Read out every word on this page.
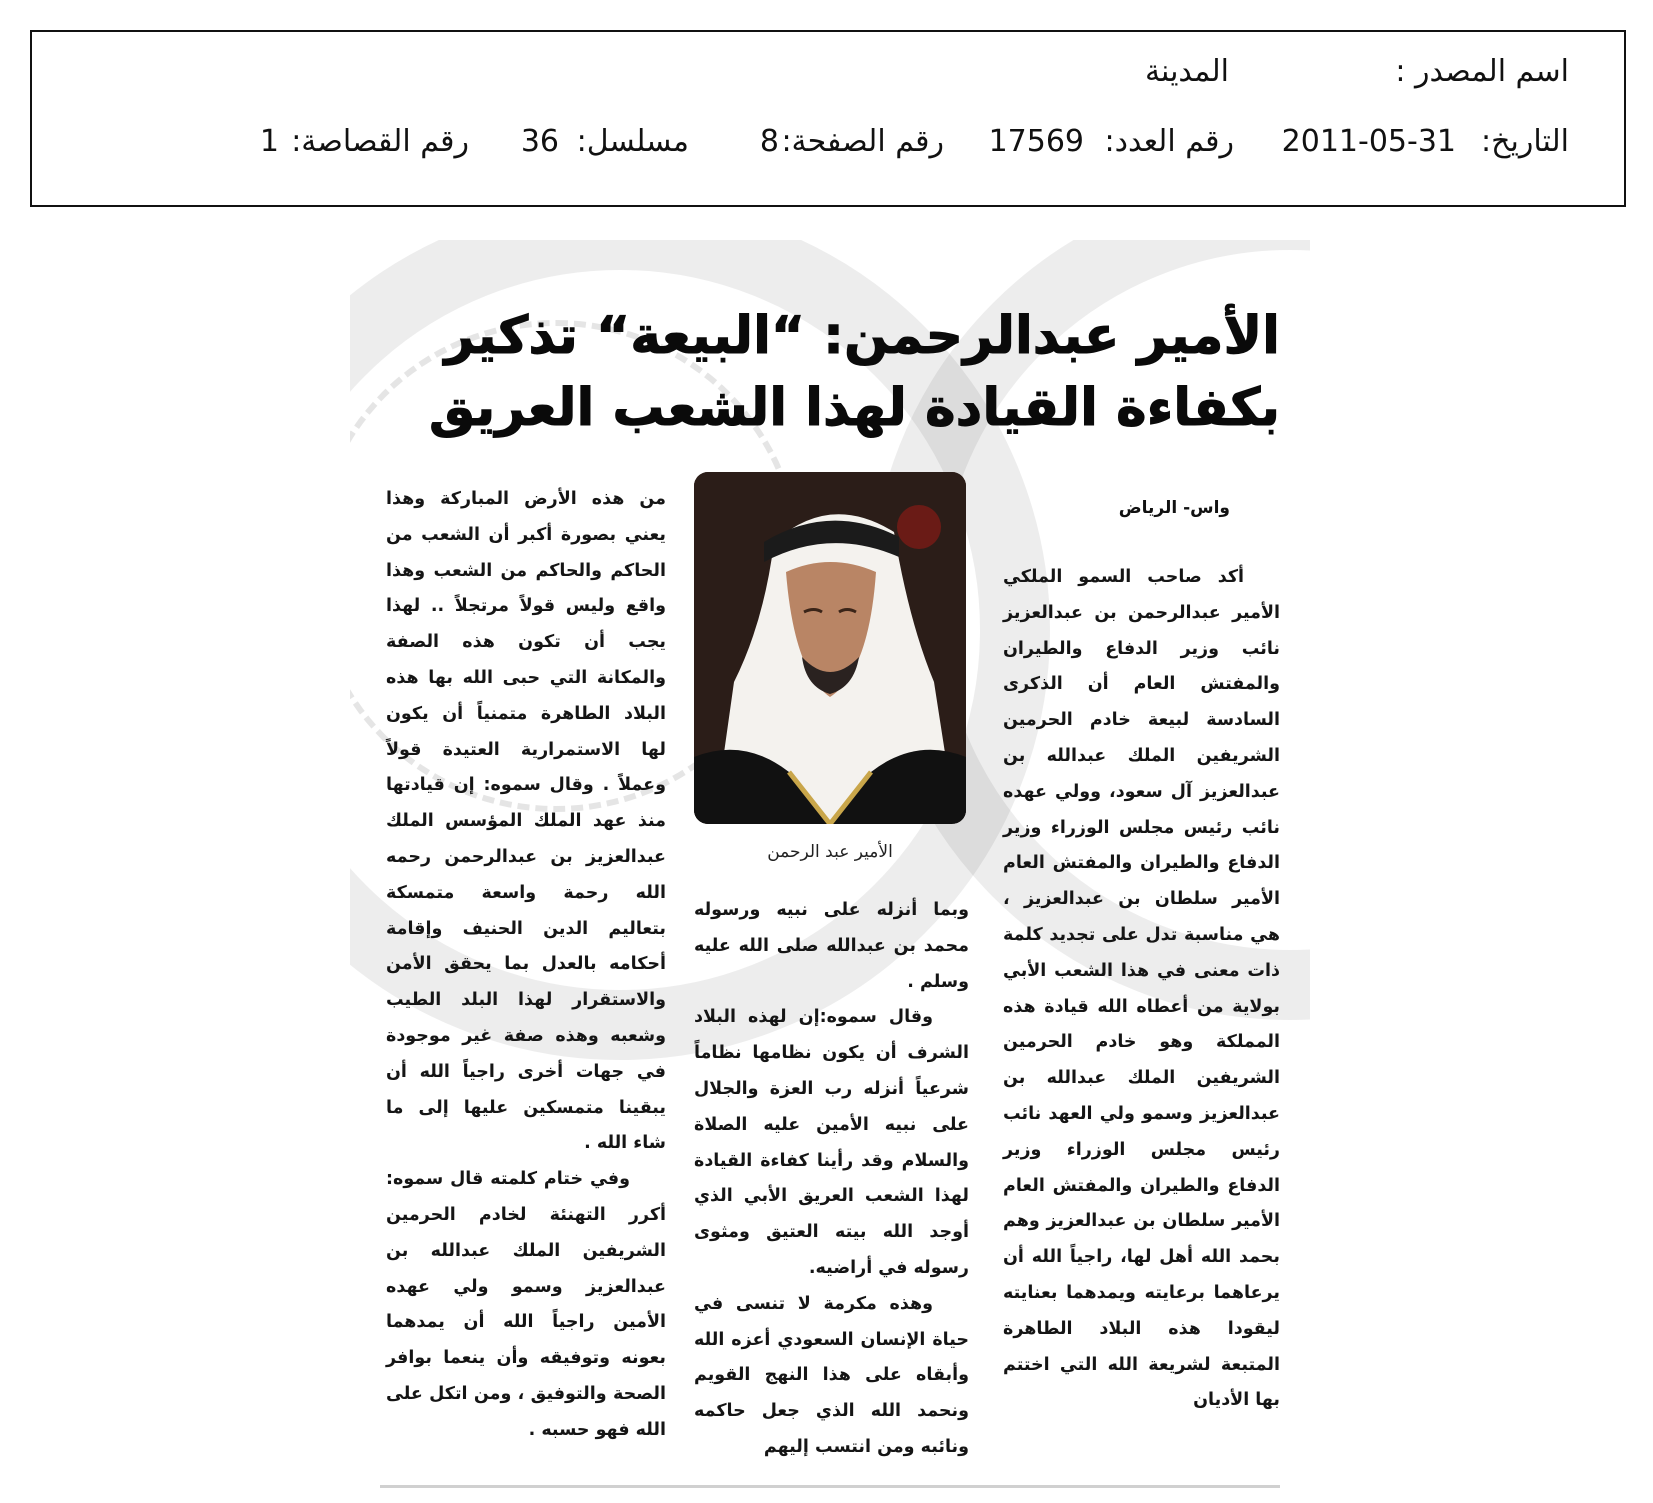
اسم المصدر :
المدينة
التاريخ:
2011-05-31
رقم العدد:
17569
رقم الصفحة:
8
مسلسل:
36
رقم القصاصة:
1
الأمير عبدالرحمن: “البيعة“ تذكير
بكفاءة القيادة لهذا الشعب العريق
واس- الرياض

أكد صاحب السمو الملكي الأمير عبدالرحمن بن عبدالعزيز نائب وزير الدفاع والطيران والمفتش العام أن الذكرى السادسة لبيعة خادم الحرمين الشريفين الملك عبدالله بن عبدالعزيز آل سعود، وولي عهده نائب رئيس مجلس الوزراء وزير الدفاع والطيران والمفتش العام الأمير سلطان بن عبدالعزيز ، هي مناسبة تدل على تجديد كلمة ذات معنى في هذا الشعب الأبي بولاية من أعطاه الله قيادة هذه المملكة وهو خادم الحرمين الشريفين الملك عبدالله بن عبدالعزيز وسمو ولي العهد نائب رئيس مجلس الوزراء وزير الدفاع والطيران والمفتش العام الأمير سلطان بن عبدالعزيز وهم بحمد الله أهل لها، راجياً الله أن يرعاهما برعايته ويمدهما بعنايته ليقودا هذه البلاد الطاهرة المتبعة لشريعة الله التي اختتم بها الأديان

الأمير عبد الرحمن

وبما أنزله على نبيه ورسوله محمد بن عبدالله صلى الله عليه وسلم .

وقال سموه:إن لهذه البلاد الشرف أن يكون نظامها نظاماً شرعياً أنزله رب العزة والجلال على نبيه الأمين عليه الصلاة والسلام وقد رأينا كفاءة القيادة لهذا الشعب العريق الأبي الذي أوجد الله بيته العتيق ومثوى رسوله في أراضيه.

وهذه مكرمة لا تنسى في حياة الإنسان السعودي أعزه الله وأبقاه على هذا النهج القويم ونحمد الله الذي جعل حاكمه ونائبه ومن انتسب إليهم

من هذه الأرض المباركة وهذا يعني بصورة أكبر أن الشعب من الحاكم والحاكم من الشعب وهذا واقع وليس قولاً مرتجلاً .. لهذا يجب أن تكون هذه الصفة والمكانة التي حبى الله بها هذه البلاد الطاهرة متمنياً أن يكون لها الاستمرارية العتيدة قولاً وعملاً . وقال سموه: إن قيادتها منذ عهد الملك المؤسس الملك عبدالعزيز بن عبدالرحمن رحمه الله رحمة واسعة متمسكة بتعاليم الدين الحنيف وإقامة أحكامه بالعدل بما يحقق الأمن والاستقرار لهذا البلد الطيب وشعبه وهذه صفة غير موجودة في جهات أخرى راجياً الله أن يبقينا متمسكين عليها إلى ما شاء الله .

وفي ختام كلمته قال سموه: أكرر التهنئة لخادم الحرمين الشريفين الملك عبدالله بن عبدالعزيز وسمو ولي عهده الأمين راجياً الله أن يمدهما بعونه وتوفيقه وأن ينعما بوافر الصحة والتوفيق ، ومن اتكل على الله فهو حسبه .
